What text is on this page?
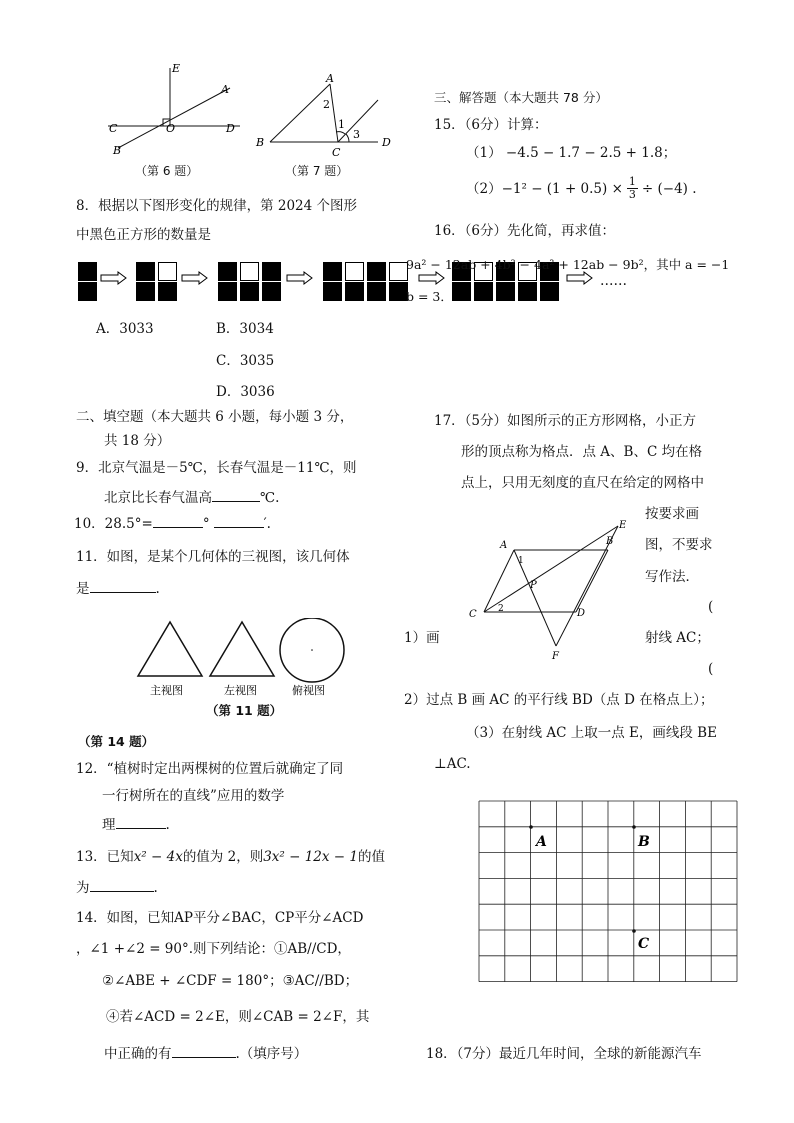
E
A
C	O	D
B
（第 6 题）
A
B
C
D
1
2
3
（第 7 题）
8．根据以下图形变化的规律，第 2024 个图形
中黑色正方形的数量是
……
9a² − 12ab + 4b² − 4a² + 12ab − 9b²，其中 a = −1
b = 3．
A．3033	B．3034
C．3035
D．3036
二、填空题（本大题共 6 小题，每小题 3 分，
共 18 分）
9．北京气温是－5℃，长春气温是－11℃，则
北京比长春气温高	℃.
10．28.5°=	°	′.
11．如图，是某个几何体的三视图，该几何体
是	.
主视图	左视图	俯视图
（第 11 题）
（第 14 题）
12．“植树时定出两棵树的位置后就确定了同
一行树所在的直线”应用的数学
理	.
13．已知x² − 4x的值为 2，则3x² − 12x − 1的值
为	.
14．如图，已知AP平分∠BAC，CP平分∠ACD
，∠1 +∠2 = 90°.则下列结论：①AB//CD，
②∠ABE + ∠CDF = 180°；③AC//BD；
④若∠ACD = 2∠E，则∠CAB = 2∠F，其
中正确的有	.（填序号）
三、解答题（本大题共 78 分）
15．（6分）计算：
（1） −4.5 − 1.7 − 2.5 + 1.8；
$(2)-1^2 - (1 + 0.5) \times \frac{1}{3} \div (-4)$ .
16．（6分）先化简，再求值：
17．（5分）如图所示的正方形网格，小正方
形的顶点称为格点．点 A、B、C 均在格
点上，只用无刻度的直尺在给定的网格中
按要求画
图，不要求
写作法．
(
1）画	射线 AC；
(
2）过点 B 画 AC 的平行线 BD（点 D 在格点上）；
（3）在射线 AC 上取一点 E，画线段 BE
⊥AC.
A	B
C	D
E
F
P
1
2
A	B
C
18．（7分）最近几年时间，全球的新能源汽车
